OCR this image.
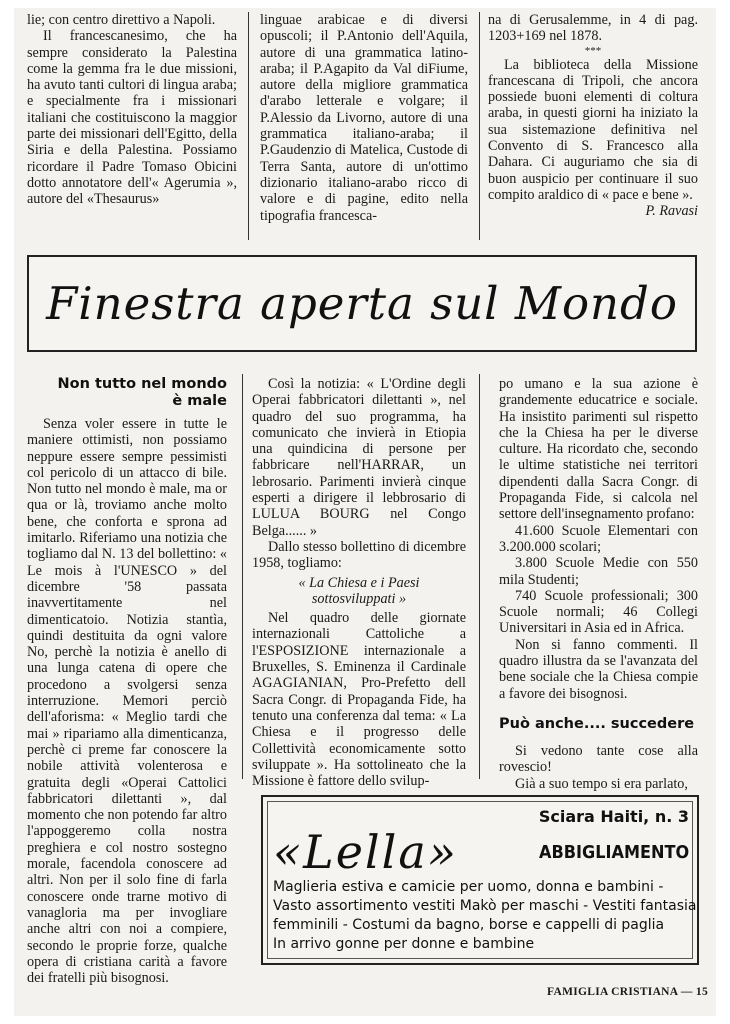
lie; con centro direttivo a Napoli.

Il francescanesimo, che ha sempre considerato la Palestina come la gemma fra le due missioni, ha avuto tanti cultori di lingua araba; e specialmente fra i missionari italiani che costituiscono la maggior parte dei missionari dell'Egitto, della Siria e della Palestina. Possiamo ricordare il Padre Tomaso Obicini dotto annotatore dell'« Agerumia », autore del «Thesaurus»

linguae arabicae e di diversi opuscoli; il P.Antonio dell'Aquila, autore di una grammatica latino-araba; il P.Agapito da Val diFiume, autore della migliore grammatica d'arabo letterale e volgare; il P.Alessio da Livorno, autore di una grammatica italiano-araba; il P.Gaudenzio di Matelica, Custode di Terra Santa, autore di un'ottimo dizionario italiano-arabo ricco di valore e di pagine, edito nella tipografia francesca-

na di Gerusalemme, in 4 di pag. 1203+169 nel 1878.

***

La biblioteca della Missione francescana di Tripoli, che ancora possiede buoni elementi di coltura araba, in questi giorni ha iniziato la sua sistemazione definitiva nel Convento di S. Francesco alla Dahara. Ci auguriamo che sia di buon auspicio per continuare il suo compito araldico di « pace e bene ».

P. Ravasi

Finestra aperta sul Mondo
Non tutto nel mondo è male

Senza voler essere in tutte le maniere ottimisti, non possiamo neppure essere sempre pessimisti col pericolo di un attacco di bile. Non tutto nel mondo è male, ma or qua or là, troviamo anche molto bene, che conforta e sprona ad imitarlo. Riferiamo una notizia che togliamo dal N. 13 del bollettino: « Le mois à l'UNESCO » del dicembre '58 passata inavvertitamente nel dimenticatoio. Notizia stantìa, quindi destituita da ogni valore No, perchè la notizia è anello di una lunga catena di opere che procedono a svolgersi senza interruzione. Memori perciò dell'aforisma: « Meglio tardi che mai » ripariamo alla dimenticanza, perchè ci preme far conoscere la nobile attività volenterosa e gratuita degli «Operai Cattolici fabbricatori dilettanti », dal momento che non potendo far altro l'appoggeremo colla nostra preghiera e col nostro sostegno morale, facendola conoscere ad altri. Non per il solo fine di farla conoscere onde trarne motivo di vanagloria ma per invogliare anche altri con noi a compiere, secondo le proprie forze, qualche opera di cristiana carità a favore dei fratelli più bisognosi.

Così la notizia: « L'Ordine degli Operai fabbricatori dilettanti », nel quadro del suo programma, ha comunicato che invierà in Etiopia una quindicina di persone per fabbricare nell'HARRAR, un lebrosario. Parimenti invierà cinque esperti a dirigere il lebbrosario di LULUA BOURG nel Congo Belga...... »

Dallo stesso bollettino di dicembre 1958, togliamo:

« La Chiesa e i Paesi sottosviluppati »

Nel quadro delle giornate internazionali Cattoliche a l'ESPOSIZIONE internazionale a Bruxelles, S. Eminenza il Cardinale AGAGIANIAN, Pro-Prefetto dell Sacra Congr. di Propaganda Fide, ha tenuto una conferenza dal tema: « La Chiesa e il progresso delle Collettività economicamente sotto sviluppate ». Ha sottolineato che la Missione è fattore dello svilup-

po umano e la sua azione è grandemente educatrice e sociale. Ha insistito parimenti sul rispetto che la Chiesa ha per le diverse culture. Ha ricordato che, secondo le ultime statistiche nei territori dipendenti dalla Sacra Congr. di Propaganda Fide, si calcola nel settore dell'insegnamento profano:

41.600 Scuole Elementari con 3.200.000 scolari;

3.800 Scuole Medie con 550 mila Studenti;

740 Scuole professionali; 300 Scuole normali; 46 Collegi Universitari in Asia ed in Africa.

Non si fanno commenti. Il quadro illustra da se l'avanzata del bene sociale che la Chiesa compie a favore dei bisognosi.

Può anche.... succedere

Si vedono tante cose alla rovescio!

Già a suo tempo si era parlato,

«Lella»
Sciara Haiti, n. 3
ABBIGLIAMENTO
Maglieria estiva e camicie per uomo, donna e bambini -
Vasto assortimento vestiti Makò per maschi - Vestiti fantasia
femminili - Costumi da bagno, borse e cappelli di paglia
In arrivo gonne per donne e bambine
FAMIGLIA CRISTIANA — 15
